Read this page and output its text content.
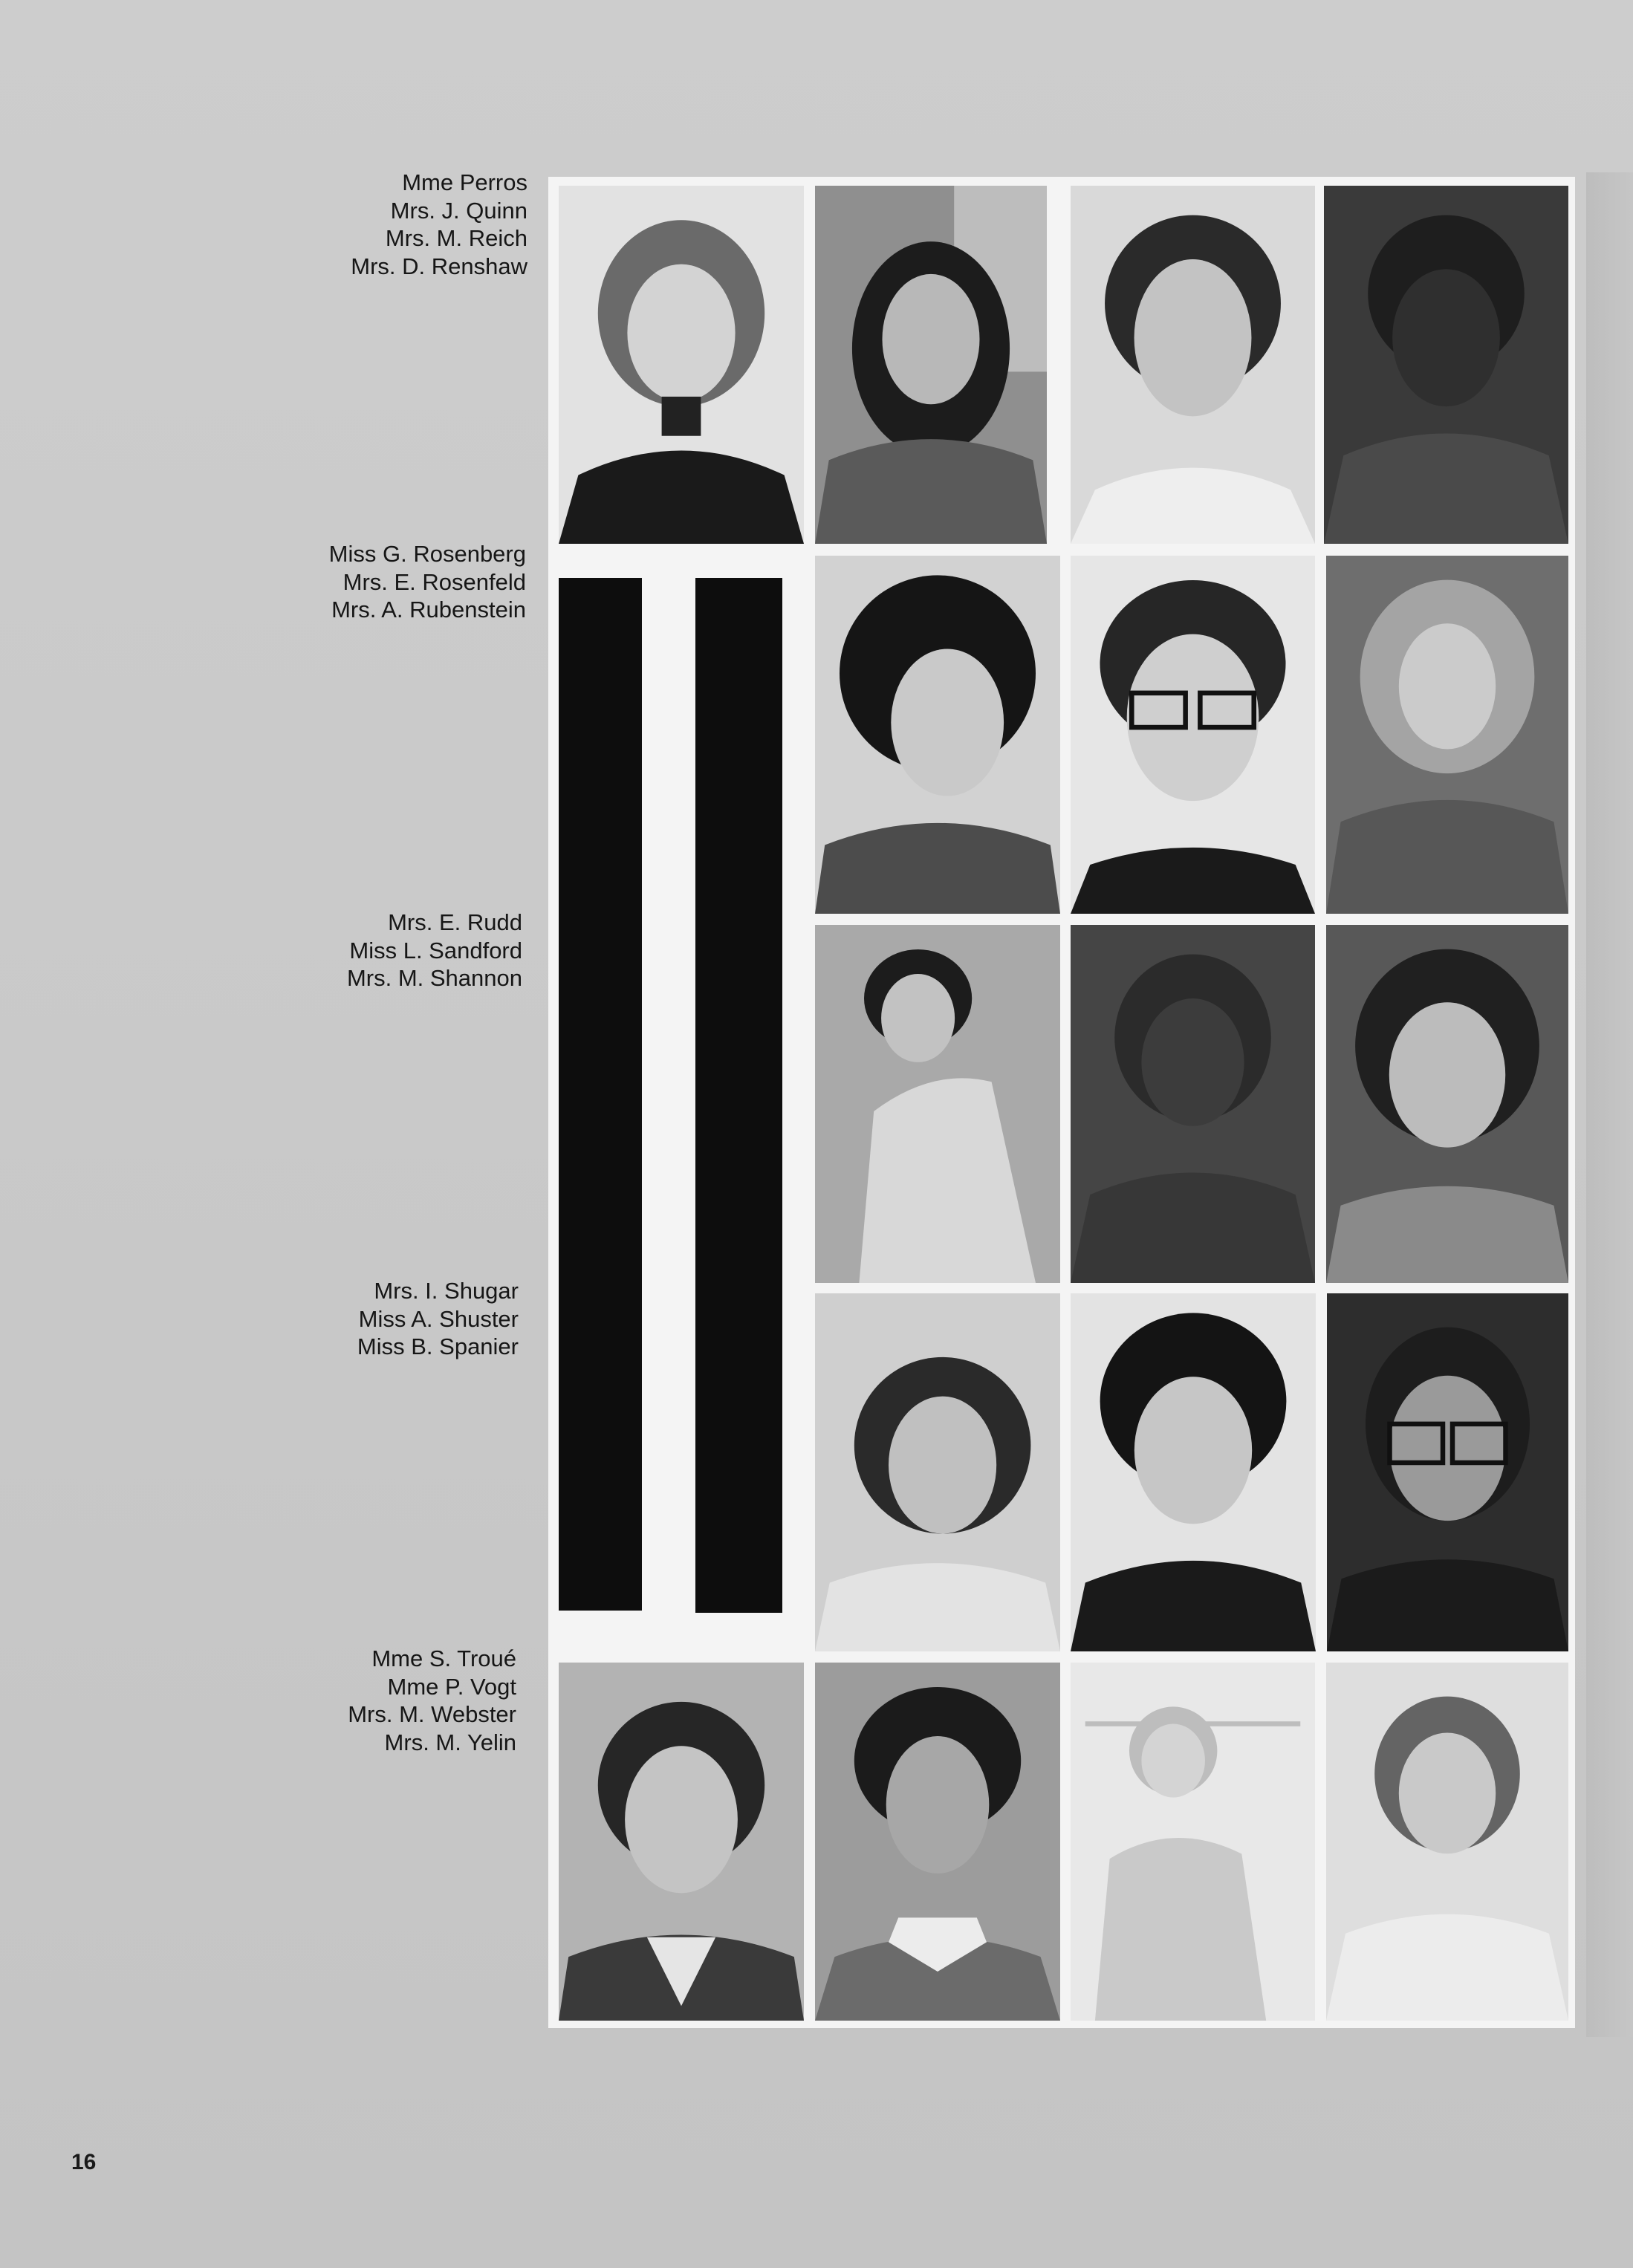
Mme Perros
Mrs. J. Quinn
Mrs. M. Reich
Mrs. D. Renshaw
Miss G. Rosenberg
Mrs. E. Rosenfeld
Mrs. A. Rubenstein
Mrs. E. Rudd
Miss L. Sandford
Mrs. M. Shannon
Mrs. I. Shugar
Miss A. Shuster
Miss B. Spanier
Mme S. Troué
Mme P. Vogt
Mrs. M. Webster
Mrs. M. Yelin
16
